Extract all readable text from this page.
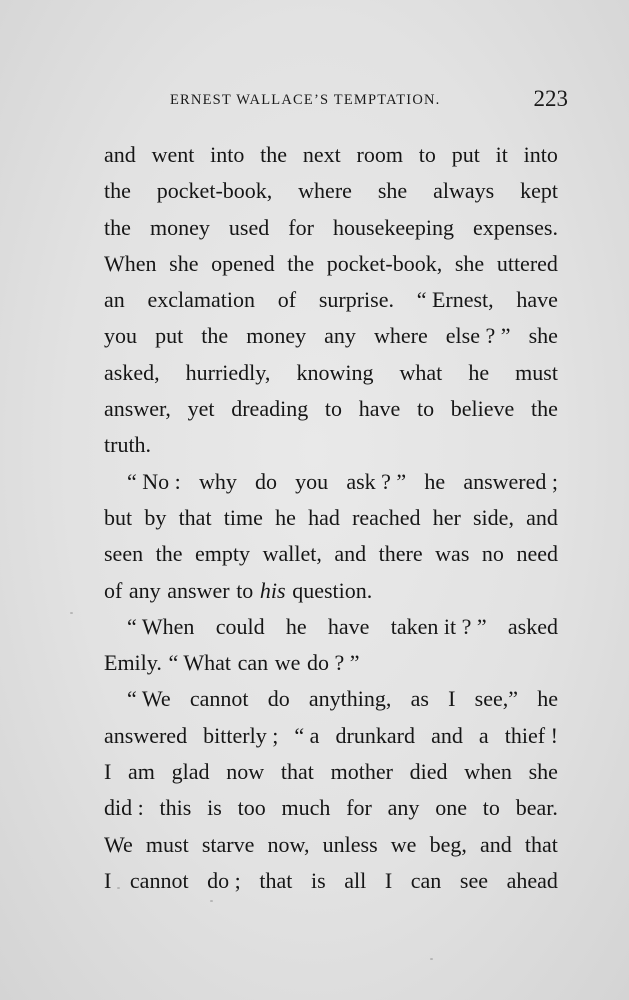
ERNEST WALLACE’S TEMPTATION.	223
and went into the next room to put it into
the pocket-book, where she always kept
the money used for housekeeping expenses.
When she opened the pocket-book, she uttered
an exclamation of surprise. “ Ernest, have
you put the money any where else ? ” she
asked, hurriedly, knowing what he must
answer, yet dreading to have to believe the
truth.
“ No : why do you ask ? ” he answered ;
but by that time he had reached her side, and
seen the empty wallet, and there was no need
of any answer to his question.
“ When could he have taken it ? ” asked
Emily. “ What can we do ? ”
“ We cannot do anything, as I see,” he
answered bitterly ; “ a drunkard and a thief !
I am glad now that mother died when she
did : this is too much for any one to bear.
We must starve now, unless we beg, and that
I cannot do ; that is all I can see ahead
